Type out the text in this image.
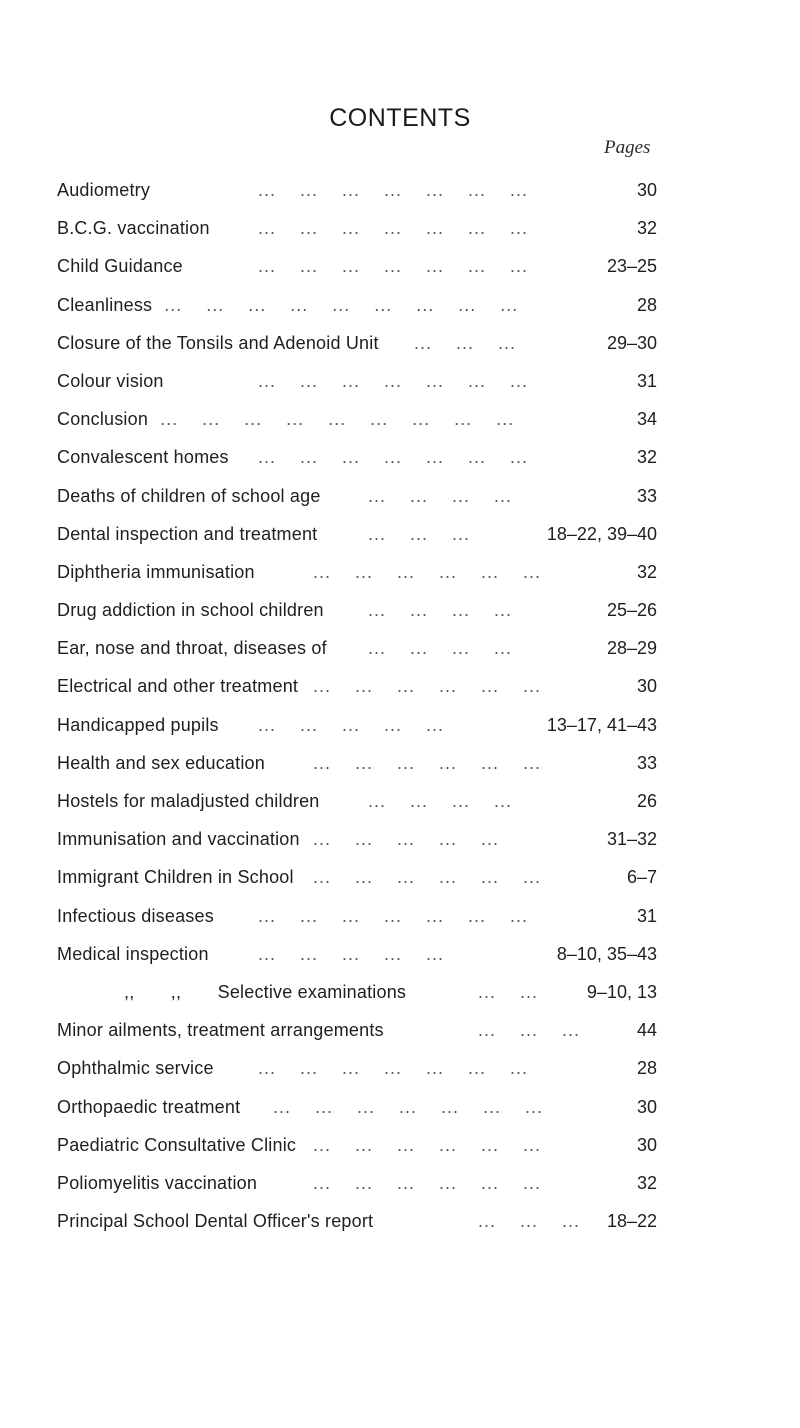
CONTENTS
Pages
Audiometry	...    ...    ...    ...    ...    ...    ...	30
B.C.G. vaccination	...    ...    ...    ...    ...    ...    ...	32
Child Guidance	...    ...    ...    ...    ...    ...    ...	23–25
Cleanliness ...    ...    ...    ...    ...    ...    ...    ...    ...	28
Closure of the Tonsils and Adenoid Unit ...    ...    ...	29–30
Colour vision	...    ...    ...    ...    ...    ...    ...	31
Conclusion ...    ...    ...    ...    ...    ...    ...    ...    ...	34
Convalescent homes ...    ...    ...    ...    ...    ...    ...	32
Deaths of children of school age	...    ...    ...    ...	33
Dental inspection and treatment	...    ...    ...	18–22, 39–40
Diphtheria immunisation	...    ...    ...    ...    ...    ...	32
Drug addiction in school children ...    ...    ...    ...	25–26
Ear, nose and throat, diseases of ...    ...    ...    ...	28–29
Electrical and other treatment ...    ...    ...    ...    ...    ...	30
Handicapped pupils ...    ...    ...    ...    ...	13–17, 41–43
Health and sex education	...    ...    ...    ...    ...    ...	33
Hostels for maladjusted children	...    ...    ...    ...	26
Immunisation and vaccination ...    ...    ...    ...    ...	31–32
Immigrant Children in School ...    ...    ...    ...    ...    ...	6–7
Infectious diseases ...    ...    ...    ...    ...    ...    ...	31
Medical inspection	...    ...    ...    ...    ...	8–10, 35–43
,,       ,,       Selective examinations	...    ...	9–10, 13
Minor ailments, treatment arrangements	...    ...    ...	44
Ophthalmic service ...    ...    ...    ...    ...    ...    ...	28
Orthopaedic treatment ...    ...    ...    ...    ...    ...    ...	30
Paediatric Consultative Clinic ...    ...    ...    ...    ...    ...	30
Poliomyelitis vaccination	...    ...    ...    ...    ...    ...	32
Principal School Dental Officer's report	...    ...    ... 18–22
